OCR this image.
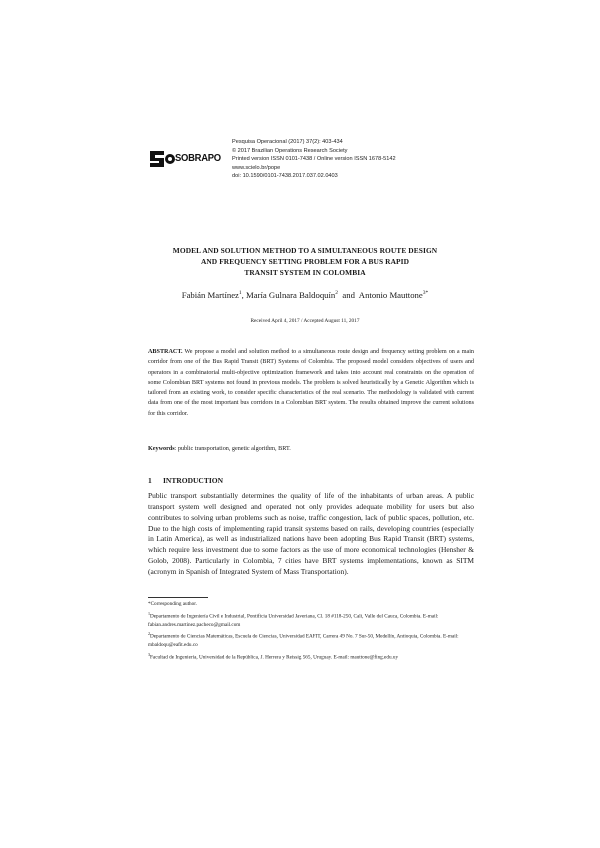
SOBRAPO
Pesquisa Operacional (2017) 37(2): 403-434
© 2017 Brazilian Operations Research Society
Printed version ISSN 0101-7438 / Online version ISSN 1678-5142
www.scielo.br/pope
doi: 10.1590/0101-7438.2017.037.02.0403
MODEL AND SOLUTION METHOD TO A SIMULTANEOUS ROUTE DESIGN
AND FREQUENCY SETTING PROBLEM FOR A BUS RAPID
TRANSIT SYSTEM IN COLOMBIA
Fabián Martínez$^1$, María Gulnara Baldoquín$^2$ and Antonio Mauttone$^{3*}$
Received April 4, 2017 / Accepted August 11, 2017
ABSTRACT. We propose a model and solution method to a simultaneous route design and frequency setting problem on a main corridor from one of the Bus Rapid Transit (BRT) Systems of Colombia. The proposed model considers objectives of users and operators in a combinatorial multi-objective optimization framework and takes into account real constraints on the operation of some Colombian BRT systems not found in previous models. The problem is solved heuristically by a Genetic Algorithm which is tailored from an existing work, to consider specific characteristics of the real scenario. The methodology is validated with current data from one of the most important bus corridors in a Colombian BRT system. The results obtained improve the current solutions for this corridor.
Keywords: public transportation, genetic algorithm, BRT.
1 INTRODUCTION
Public transport substantially determines the quality of life of the inhabitants of urban areas. A public transport system well designed and operated not only provides adequate mobility for users but also contributes to solving urban problems such as noise, traffic congestion, lack of public spaces, pollution, etc. Due to the high costs of implementing rapid transit systems based on rails, developing countries (especially in Latin America), as well as industrialized nations have been adopting Bus Rapid Transit (BRT) systems, which require less investment due to some factors as the use of more economical technologies (Hensher & Golob, 2008). Particularly in Colombia, 7 cities have BRT systems implementations, known as SITM (acronym in Spanish of Integrated System of Mass Transportation).
*Corresponding author.
$^1$Departamento de Ingeniería Civil e Industrial, Pontificia Universidad Javeriana, Cl. 18 #118-250, Cali, Valle del Cauca, Colombia. E-mail: fabian.andres.martinez.pacheco@gmail.com
$^2$Departamento de Ciencias Matemáticas, Escuela de Ciencias, Universidad EAFIT, Carrera 49 No. 7 Sur-50, Medellín, Antioquia, Colombia. E-mail: mbaldoqu@eafit.edu.co
$^3$Facultad de Ingeniería, Universidad de la República, J. Herrera y Reissig 565, Uruguay. E-mail: mauttone@fing.edu.uy
